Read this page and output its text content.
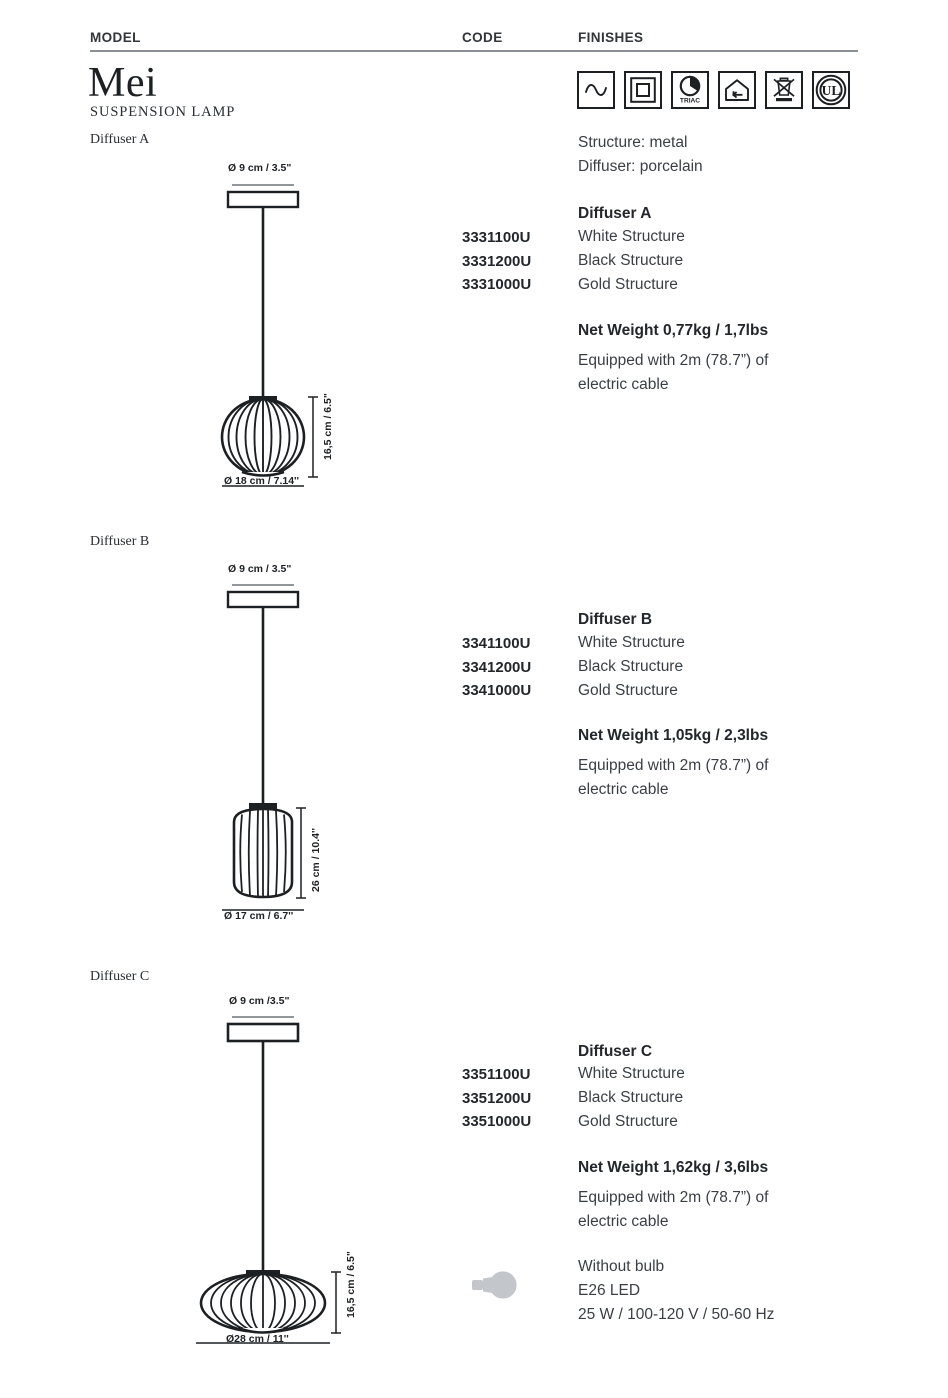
MODEL	CODE	FINISHES
Mei
SUSPENSION LAMP
TRIAC
UL
Structure: metal
Diffuser: porcelain
Diffuser A
Ø 9 cm / 3.5"
Ø 18 cm / 7.14''
16,5 cm / 6.5"
Diffuser A
3331100U
3331200U
3331000U
White Structure
Black Structure
Gold Structure
Net Weight 0,77kg / 1,7lbs
Equipped with 2m (78.7”) of
electric cable
Diffuser B
Ø 9 cm / 3.5"
Ø 17 cm / 6.7''
26 cm / 10.4''
Diffuser B
3341100U
3341200U
3341000U
White Structure
Black Structure
Gold Structure
Net Weight 1,05kg / 2,3lbs
Equipped with 2m (78.7”) of
electric cable
Diffuser C
Ø 9 cm /3.5"
Ø28 cm / 11''
16,5 cm / 6.5"
Diffuser C
3351100U
3351200U
3351000U
White Structure
Black Structure
Gold Structure
Net Weight 1,62kg / 3,6lbs
Equipped with 2m (78.7”) of
electric cable
Without bulb
E26 LED
25 W / 100-120 V / 50-60 Hz
